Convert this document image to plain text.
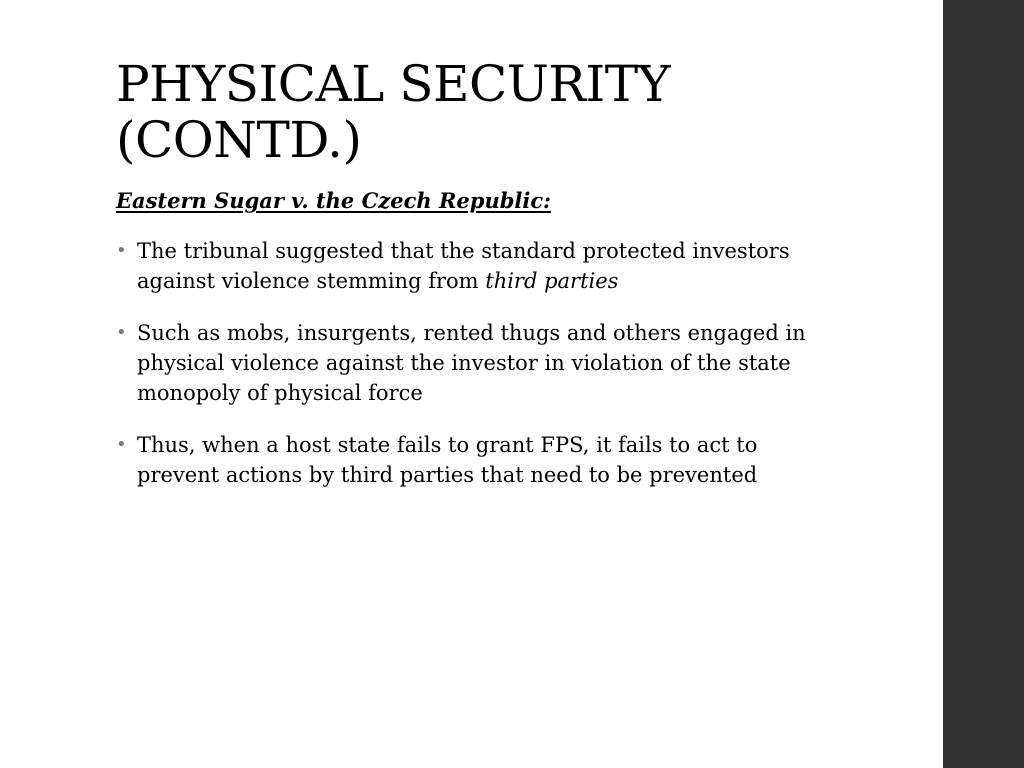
PHYSICAL SECURITY
(CONTD.)
Eastern Sugar v. the Czech Republic:
• The tribunal suggested that the standard protected investors against violence stemming from third parties
• Such as mobs, insurgents, rented thugs and others engaged in physical violence against the investor in violation of the state monopoly of physical force
• Thus, when a host state fails to grant FPS, it fails to act to prevent actions by third parties that need to be prevented
